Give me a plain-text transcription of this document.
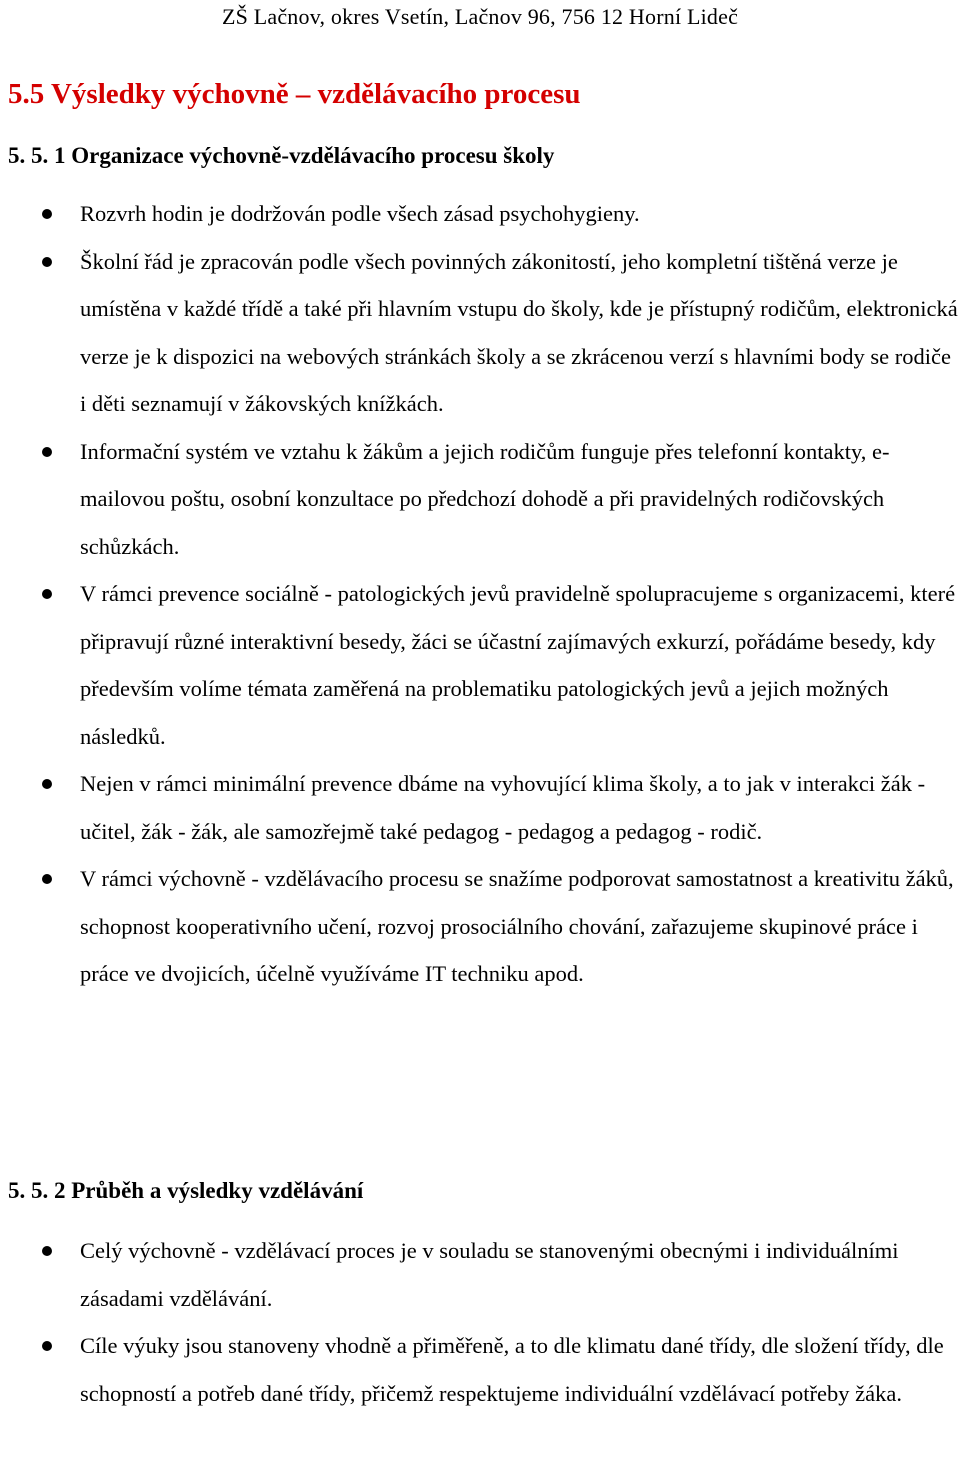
ZŠ Lačnov, okres Vsetín, Lačnov 96, 756 12 Horní Lideč
5.5 Výsledky výchovně – vzdělávacího procesu
5. 5. 1 Organizace výchovně-vzdělávacího procesu školy
Rozvrh hodin je dodržován podle všech zásad psychohygieny.
Školní řád je zpracován podle všech povinných zákonitostí, jeho kompletní tištěná verze je umístěna v každé třídě a také při hlavním vstupu do školy, kde je přístupný rodičům, elektronická verze je k dispozici na webových stránkách školy a se zkrácenou verzí s hlavními body se rodiče i děti seznamují v žákovských knížkách.
Informační systém ve vztahu k žákům a jejich rodičům funguje přes telefonní kontakty, e-mailovou poštu, osobní konzultace po předchozí dohodě a při pravidelných rodičovských schůzkách.
V rámci prevence sociálně - patologických jevů pravidelně spolupracujeme s organizacemi, které připravují různé interaktivní besedy, žáci se účastní zajímavých exkurzí, pořádáme besedy, kdy především volíme témata zaměřená na problematiku patologických jevů a jejich možných následků.
Nejen v rámci minimální prevence dbáme na vyhovující klima školy, a to jak v interakci žák - učitel, žák - žák, ale samozřejmě také pedagog - pedagog a pedagog - rodič.
V rámci výchovně - vzdělávacího procesu se snažíme podporovat samostatnost a kreativitu žáků, schopnost kooperativního učení, rozvoj prosociálního chování, zařazujeme skupinové práce i práce ve dvojicích, účelně využíváme IT techniku apod.
5. 5. 2 Průběh a výsledky vzdělávání
Celý výchovně - vzdělávací proces je v souladu se stanovenými obecnými i individuálními zásadami vzdělávání.
Cíle výuky jsou stanoveny vhodně a přiměřeně, a to dle klimatu dané třídy, dle složení třídy, dle schopností a potřeb dané třídy, přičemž respektujeme individuální vzdělávací potřeby žáka.
